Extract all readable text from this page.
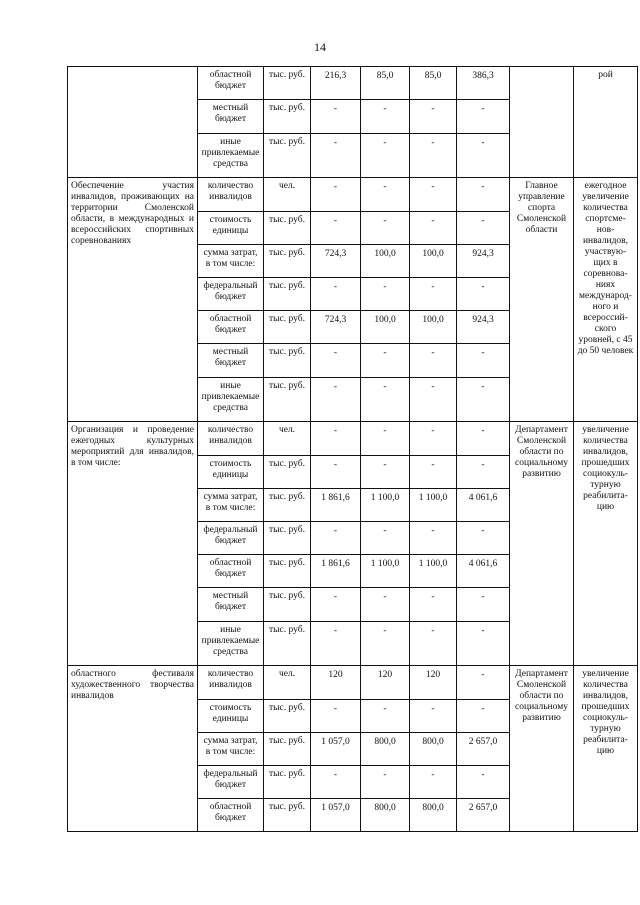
14
	областной бюджет	тыс. руб.	216,3	85,0	85,0	386,3		рой
	местный бюджет	тыс. руб.	-	-	-	-		
	иные привлекаемые средства	тыс. руб.	-	-	-	-		
Обеспечение участия инвалидов, проживающих на территории Смоленской области, в международных и всероссийских спортивных соревнованиях	количество инвалидов	чел.	-	-	-	-	Главное управление спорта Смоленской области	ежегодное увеличение количества спортсме-нов-инвалидов, участвую-щих в соревнова-ниях международ-ного и всероссий-ского уровней, с 45 до 50 человек
	стоимость единицы	тыс. руб.	-	-	-	-		
	сумма затрат, в том числе:	тыс. руб.	724,3	100,0	100,0	924,3		
	федеральный бюджет	тыс. руб.	-	-	-	-		
	областной бюджет	тыс. руб.	724,3	100,0	100,0	924,3		
	местный бюджет	тыс. руб.	-	-	-	-		
	иные привлекаемые средства	тыс. руб.	-	-	-	-		
Организация и проведение ежегодных культурных мероприятий для инвалидов, в том числе:	количество инвалидов	чел.	-	-	-	-	Департамент Смоленской области по социальному развитию	увеличение количества инвалидов, прошедших социокуль-турную реабилита-цию
	стоимость единицы	тыс. руб.	-	-	-	-		
	сумма затрат, в том числе:	тыс. руб.	1 861,6	1 100,0	1 100,0	4 061,6		
	федеральный бюджет	тыс. руб.	-	-	-	-		
	областной бюджет	тыс. руб.	1 861,6	1 100,0	1 100,0	4 061,6		
	местный бюджет	тыс. руб.	-	-	-	-		
	иные привлекаемые средства	тыс. руб.	-	-	-	-		
областного фестиваля художественного творчества инвалидов	количество инвалидов	чел.	120	120	120	-	Департамент Смоленской области по социальному развитию	увеличение количества инвалидов, прошедших социокуль-турную реабилита-цию
	стоимость единицы	тыс. руб.	-	-	-	-		
	сумма затрат, в том числе:	тыс. руб.	1 057,0	800,0	800,0	2 657,0		
	федеральный бюджет	тыс. руб.	-	-	-	-		
	областной бюджет	тыс. руб.	1 057,0	800,0	800,0	2 657,0		
